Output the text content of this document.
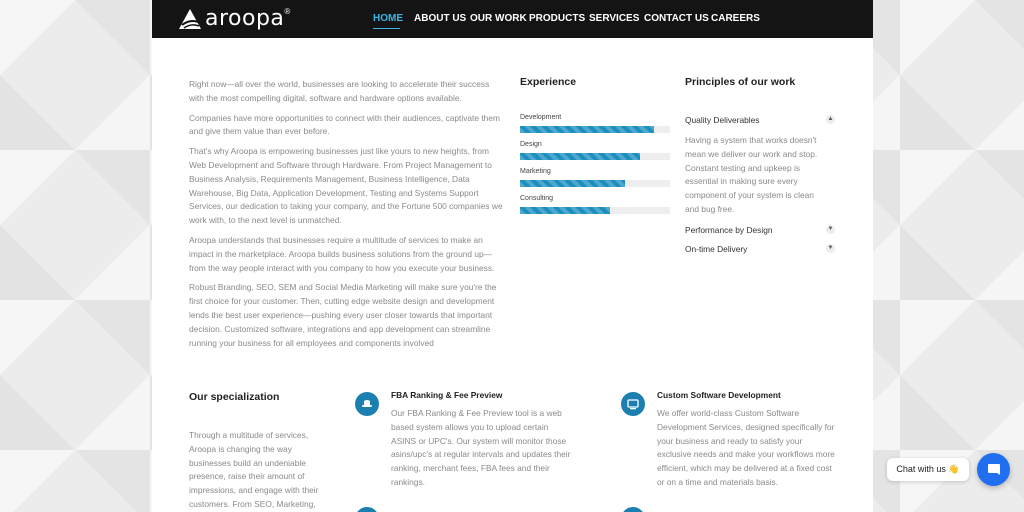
aroopa ®
HOME ABOUT US OUR WORK PRODUCTS SERVICES CONTACT US CAREERS

Right now—all over the world, businesses are looking to accelerate their success with the most compelling digital, software and hardware options available.

Companies have more opportunities to connect with their audiences, captivate them and give them value than ever before.

That's why Aroopa is empowering businesses just like yours to new heights, from Web Development and Software through Hardware. From Project Management to Business Analysis, Requirements Management, Business Intelligence, Data Warehouse, Big Data, Application Development, Testing and Systems Support Services, our dedication to taking your company, and the Fortune 500 companies we work with, to the next level is unmatched.

Aroopa understands that businesses require a multitude of services to make an impact in the marketplace. Aroopa builds business solutions from the ground up—from the way people interact with you company to how you execute your business.

Robust Branding, SEO, SEM and Social Media Marketing will make sure you're the first choice for your customer. Then, cutting edge website design and development lends the best user experience—pushing every user closer towards that important decision. Customized software, integrations and app development can streamline running your business for all employees and components involved

Experience
Development
Design
Marketing
Consulting
Principles of our work
Quality Deliverables	▲
Having a system that works doesn't mean we deliver our work and stop. Constant testing and upkeep is essential in making sure every component of your system is clean and bug free.
Performance by Design	▼
On-time Delivery	▼
Our specialization

Through a multitude of services, Aroopa is changing the way businesses build an undeniable presence, raise their amount of impressions, and engage with their customers. From SEO, Marketing,

FBA Ranking & Fee Preview
Our FBA Ranking & Fee Preview tool is a web based system allows you to upload certain ASINS or UPC's. Our system will monitor those asins/upc's at regular intervals and updates their ranking, merchant fees, FBA fees and their rankings.
Custom Software Development
We offer world-class Custom Software Development Services, designed specifically for your business and ready to satisfy your exclusive needs and make your workflows more efficient, which may be delivered at a fixed cost or on a time and materials basis.
Chat with us 👋
